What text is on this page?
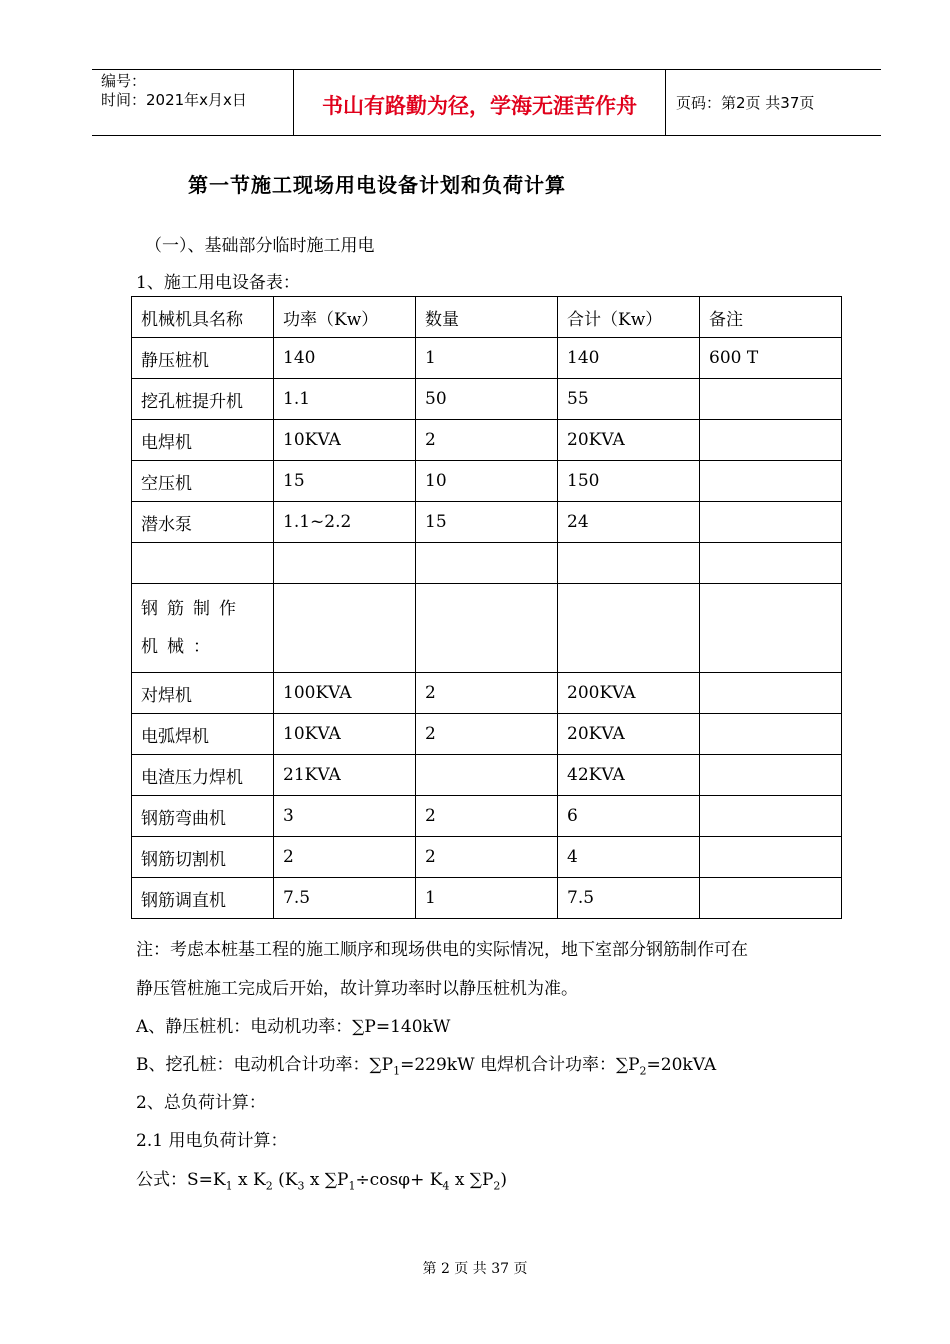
编号：
时间：2021年x月x日	书山有路勤为径，学海无涯苦作舟	页码：第2页 共37页
第一节施工现场用电设备计划和负荷计算
（一）、基础部分临时施工用电
1、施工用电设备表：
机械机具名称	功率（Kw）	数量	合计（Kw）	备注
静压桩机	140	1	140	600 T
挖孔桩提升机	1.1	50	55	
电焊机	10KVA	2	20KVA	
空压机	15	10	150	
潜水泵	1.1~2.2	15	24	

钢筋制作机械：				
对焊机	100KVA	2	200KVA	
电弧焊机	10KVA	2	20KVA	
电渣压力焊机	21KVA		42KVA	
钢筋弯曲机	3	2	6	
钢筋切割机	2	2	4	
钢筋调直机	7.5	1	7.5	
注：考虑本桩基工程的施工顺序和现场供电的实际情况，地下室部分钢筋制作可在
静压管桩施工完成后开始，故计算功率时以静压桩机为准。
A、静压桩机：电动机功率：∑P=140kW
B、挖孔桩：电动机合计功率：$\sum P_1=229kW$ 电焊机合计功率：$\sum P_2=20kVA$
2、总负荷计算：
2.1 用电负荷计算：
公式：$S=K_1$ x $K_2$ ($K_3$ x $\sum P_1\div\cos\varphi+ K_4$ x $\sum P_2$)
第 2 页 共 37 页
